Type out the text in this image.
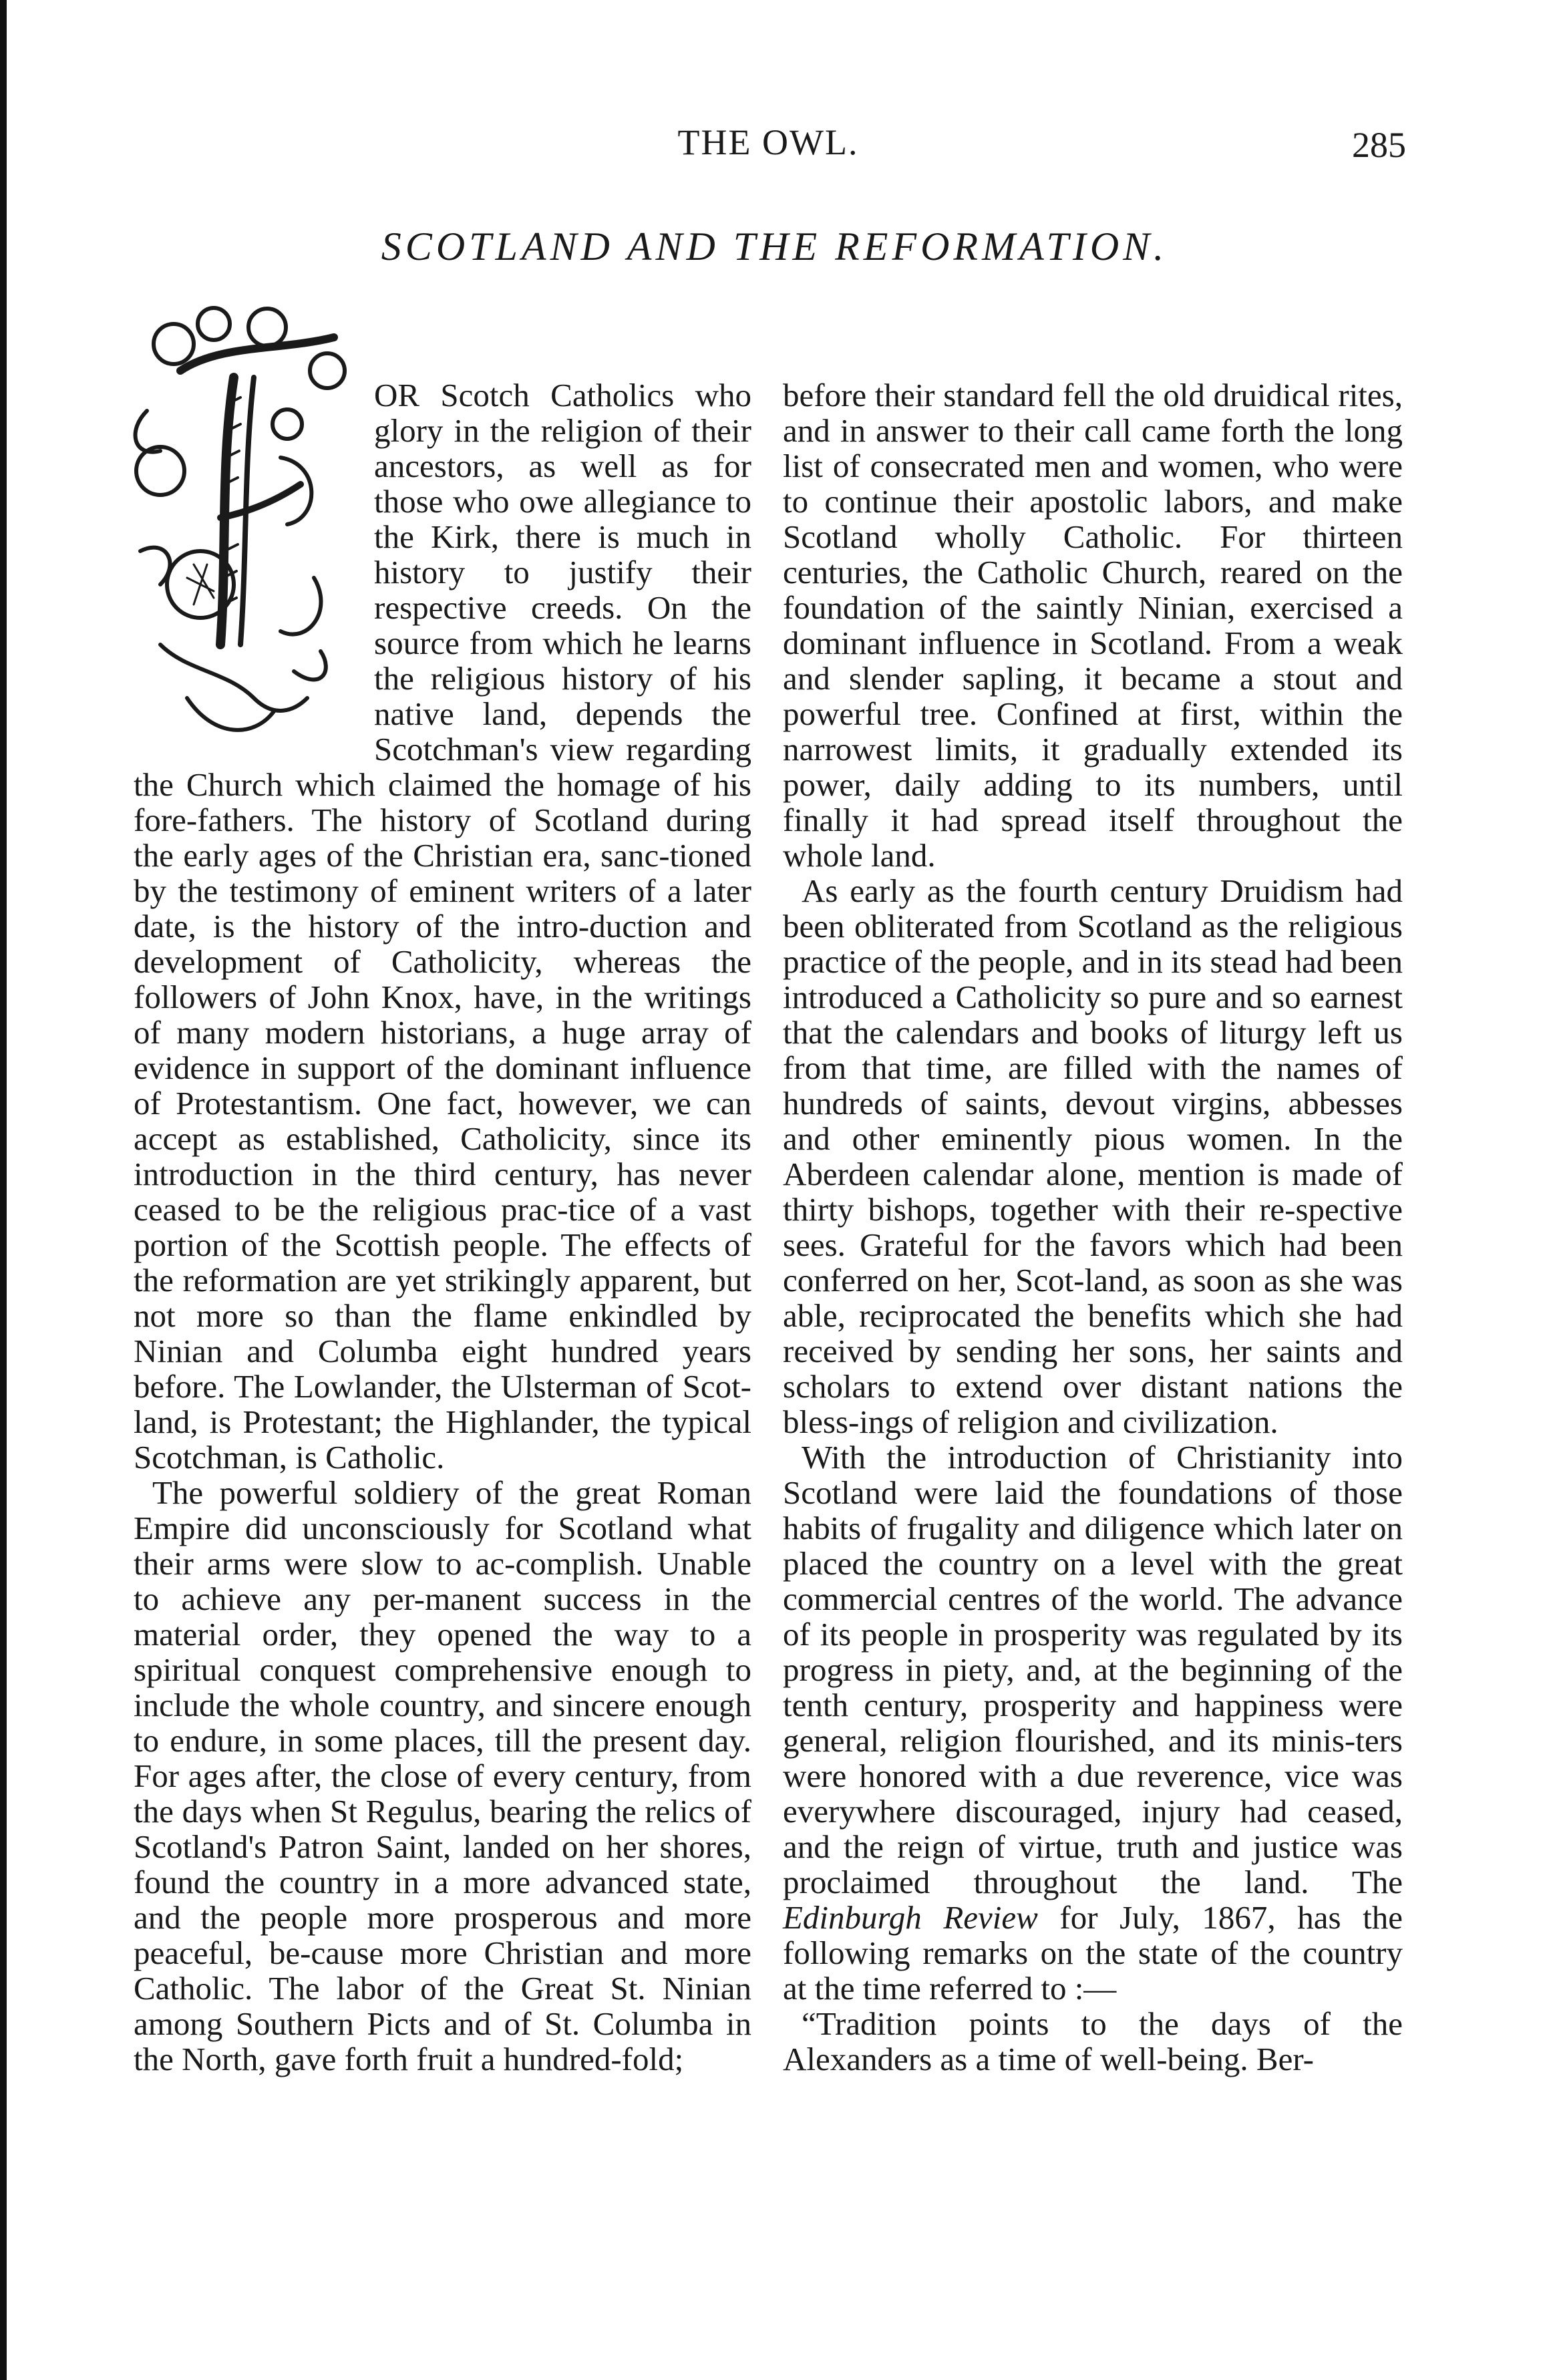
THE OWL.	285
SCOTLAND AND THE REFORMATION.

OR Scotch Catholics who glory in the religion of their ancestors, as well as for those who owe allegiance to the Kirk, there is much in history to justify their respective creeds. On the source from which he learns the religious history of his native land, depends the Scotchman's view regarding the Church which claimed the homage of his fore-fathers. The history of Scotland during the early ages of the Christian era, sanc-tioned by the testimony of eminent writers of a later date, is the history of the intro-duction and development of Catholicity, whereas the followers of John Knox, have, in the writings of many modern historians, a huge array of evidence in support of the dominant influence of Protestantism. One fact, however, we can accept as established, Catholicity, since its introduction in the third century, has never ceased to be the religious prac-tice of a vast portion of the Scottish people. The effects of the reformation are yet strikingly apparent, but not more so than the flame enkindled by Ninian and Columba eight hundred years before. The Lowlander, the Ulsterman of Scot-land, is Protestant; the Highlander, the typical Scotchman, is Catholic.

The powerful soldiery of the great Roman Empire did unconsciously for Scotland what their arms were slow to ac-complish. Unable to achieve any per-manent success in the material order, they opened the way to a spiritual conquest comprehensive enough to include the whole country, and sincere enough to endure, in some places, till the present day. For ages after, the close of every century, from the days when St Regulus, bearing the relics of Scotland's Patron Saint, landed on her shores, found the country in a more advanced state, and the people more prosperous and more peaceful, be-cause more Christian and more Catholic. The labor of the Great St. Ninian among Southern Picts and of St. Columba in the North, gave forth fruit a hundred-fold;

before their standard fell the old druidical rites, and in answer to their call came forth the long list of consecrated men and women, who were to continue their apostolic labors, and make Scotland wholly Catholic. For thirteen centuries, the Catholic Church, reared on the foundation of the saintly Ninian, exercised a dominant influence in Scotland. From a weak and slender sapling, it became a stout and powerful tree. Confined at first, within the narrowest limits, it gradually extended its power, daily adding to its numbers, until finally it had spread itself throughout the whole land.

As early as the fourth century Druidism had been obliterated from Scotland as the religious practice of the people, and in its stead had been introduced a Catholicity so pure and so earnest that the calendars and books of liturgy left us from that time, are filled with the names of hundreds of saints, devout virgins, abbesses and other eminently pious women. In the Aberdeen calendar alone, mention is made of thirty bishops, together with their re-spective sees. Grateful for the favors which had been conferred on her, Scot-land, as soon as she was able, reciprocated the benefits which she had received by sending her sons, her saints and scholars to extend over distant nations the bless-ings of religion and civilization.

With the introduction of Christianity into Scotland were laid the foundations of those habits of frugality and diligence which later on placed the country on a level with the great commercial centres of the world. The advance of its people in prosperity was regulated by its progress in piety, and, at the beginning of the tenth century, prosperity and happiness were general, religion flourished, and its minis-ters were honored with a due reverence, vice was everywhere discouraged, injury had ceased, and the reign of virtue, truth and justice was proclaimed throughout the land. The Edinburgh Review for July, 1867, has the following remarks on the state of the country at the time referred to :—

“Tradition points to the days of the Alexanders as a time of well-being. Ber-
